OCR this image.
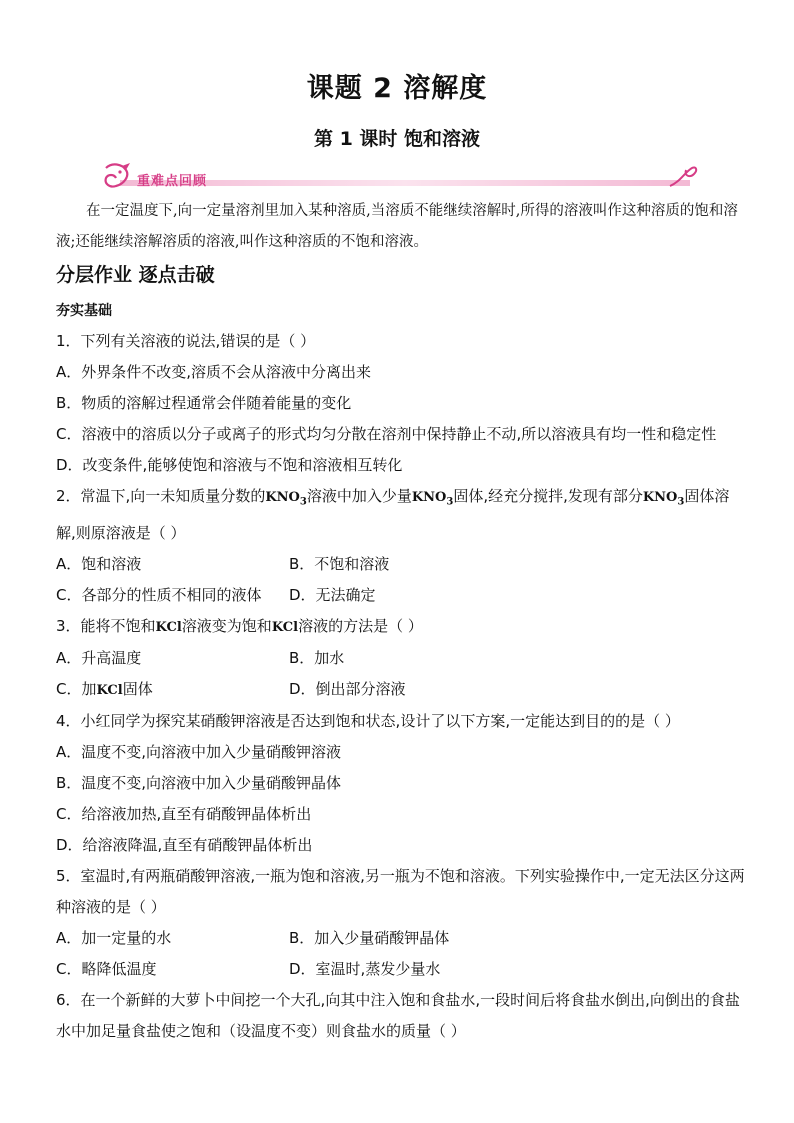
课题 2 溶解度
第 1 课时 饱和溶液
重难点回顾
在一定温度下,向一定量溶剂里加入某种溶质,当溶质不能继续溶解时,所得的溶液叫作这种溶质的饱和溶液;还能继续溶解溶质的溶液,叫作这种溶质的不饱和溶液。
分层作业 逐点击破
夯实基础
1．下列有关溶液的说法,错误的是（ ）
A．外界条件不改变,溶质不会从溶液中分离出来
B．物质的溶解过程通常会伴随着能量的变化
C．溶液中的溶质以分子或离子的形式均匀分散在溶剂中保持静止不动,所以溶液具有均一性和稳定性
D．改变条件,能够使饱和溶液与不饱和溶液相互转化
2．常温下,向一未知质量分数的$KNO_3$溶液中加入少量$KNO_3$固体,经充分搅拌,发现有部分$KNO_3$固体溶解,则原溶液是（ ）
A．饱和溶液	B．不饱和溶液
C．各部分的性质不相同的液体	D．无法确定
3．能将不饱和KCl溶液变为饱和KCl溶液的方法是（ ）
A．升高温度	B．加水
C．加KCl固体	D．倒出部分溶液
4．小红同学为探究某硝酸钾溶液是否达到饱和状态,设计了以下方案,一定能达到目的的是（ ）
A．温度不变,向溶液中加入少量硝酸钾溶液
B．温度不变,向溶液中加入少量硝酸钾晶体
C．给溶液加热,直至有硝酸钾晶体析出
D．给溶液降温,直至有硝酸钾晶体析出
5．室温时,有两瓶硝酸钾溶液,一瓶为饱和溶液,另一瓶为不饱和溶液。下列实验操作中,一定无法区分这两种溶液的是（ ）
A．加一定量的水	B．加入少量硝酸钾晶体
C．略降低温度	D．室温时,蒸发少量水
6．在一个新鲜的大萝卜中间挖一个大孔,向其中注入饱和食盐水,一段时间后将食盐水倒出,向倒出的食盐水中加足量食盐使之饱和（设温度不变）则食盐水的质量（ ）
